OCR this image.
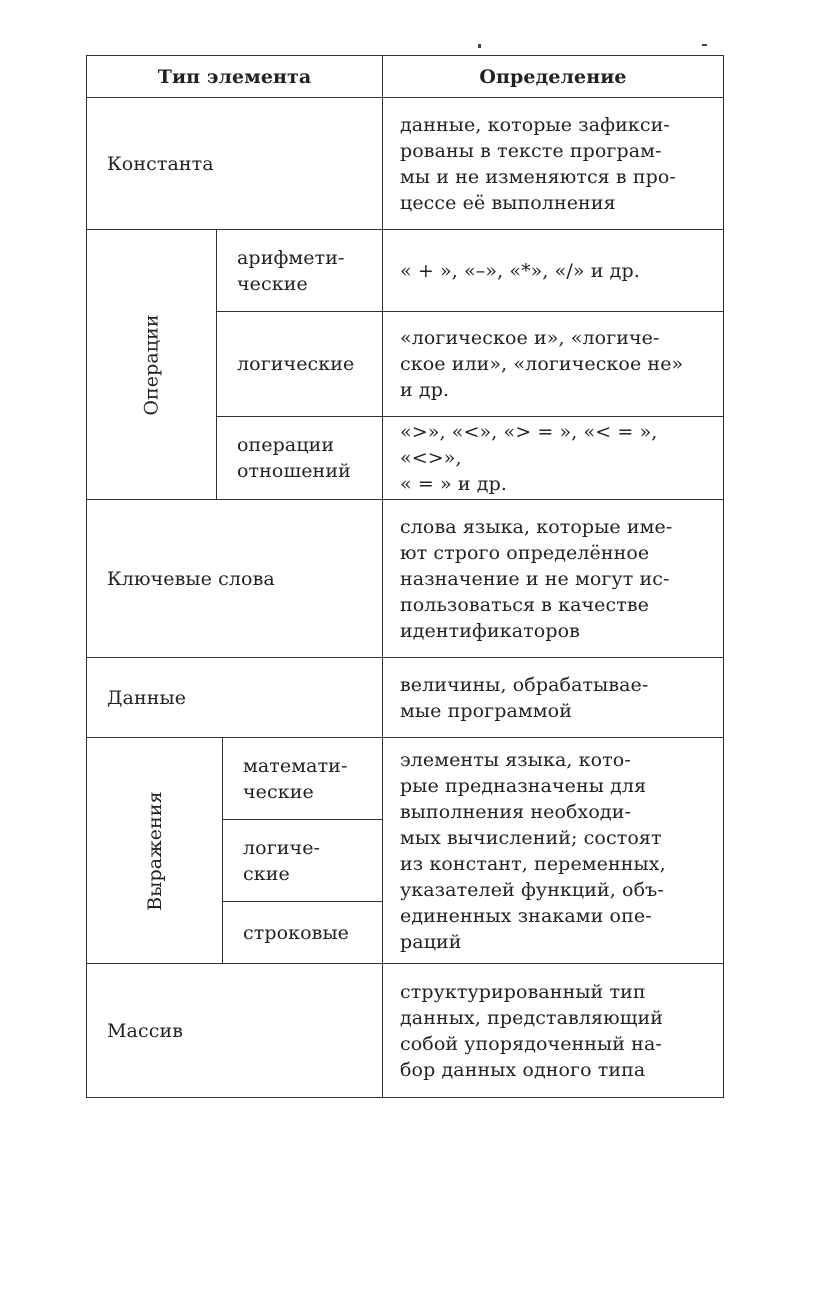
Тип элемента	Определение
Константа
данные, которые зафикси-
рованы в тексте програм-
мы и не изменяются в про-
цессе её выполнения
Операции
арифмети-
ческие
« + », «–», «*», «/» и др.
логические
«логическое и», «логиче-
ское или», «логическое не»
и др.
операции
отношений
«>», «<», «> = », «< = », «<>»,
« = » и др.
Ключевые слова
слова языка, которые име-
ют строго определённое
назначение и не могут ис-
пользоваться в качестве
идентификаторов
Данные
величины, обрабатывае-
мые программой
Выражения
математи-
ческие
логиче-
ские
строковые
элементы языка, кото-
рые предназначены для
выполнения необходи-
мых вычислений; состоят
из констант, переменных,
указателей функций, объ-
единенных знаками опе-
раций
Массив
структурированный тип
данных, представляющий
собой упорядоченный на-
бор данных одного типа
